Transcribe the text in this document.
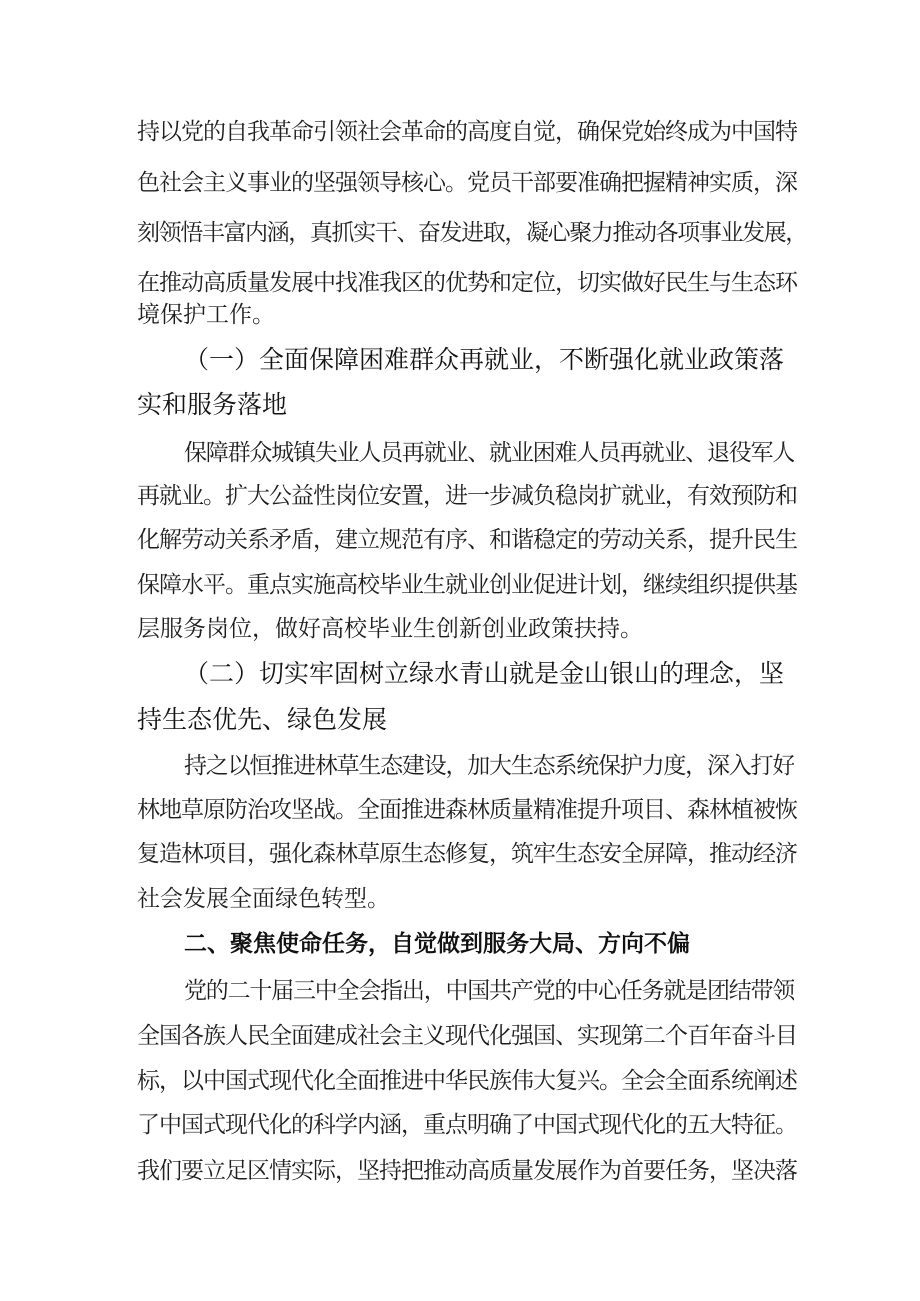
持以党的自我革命引领社会革命的高度自觉，确保党始终成为中国特
色社会主义事业的坚强领导核心。党员干部要准确把握精神实质，深
刻领悟丰富内涵，真抓实干、奋发进取，凝心聚力推动各项事业发展，
在推动高质量发展中找准我区的优势和定位，切实做好民生与生态环
境保护工作。
（一）全面保障困难群众再就业，不断强化就业政策落
实和服务落地
保障群众城镇失业人员再就业、就业困难人员再就业、退役军人
再就业。扩大公益性岗位安置，进一步减负稳岗扩就业，有效预防和
化解劳动关系矛盾，建立规范有序、和谐稳定的劳动关系，提升民生
保障水平。重点实施高校毕业生就业创业促进计划，继续组织提供基
层服务岗位，做好高校毕业生创新创业政策扶持。
（二）切实牢固树立绿水青山就是金山银山的理念，坚
持生态优先、绿色发展
持之以恒推进林草生态建设，加大生态系统保护力度，深入打好
林地草原防治攻坚战。全面推进森林质量精准提升项目、森林植被恢
复造林项目，强化森林草原生态修复，筑牢生态安全屏障，推动经济
社会发展全面绿色转型。
二、聚焦使命任务，自觉做到服务大局、方向不偏
党的二十届三中全会指出，中国共产党的中心任务就是团结带领
全国各族人民全面建成社会主义现代化强国、实现第二个百年奋斗目
标，以中国式现代化全面推进中华民族伟大复兴。全会全面系统阐述
了中国式现代化的科学内涵，重点明确了中国式现代化的五大特征。
我们要立足区情实际，坚持把推动高质量发展作为首要任务，坚决落
